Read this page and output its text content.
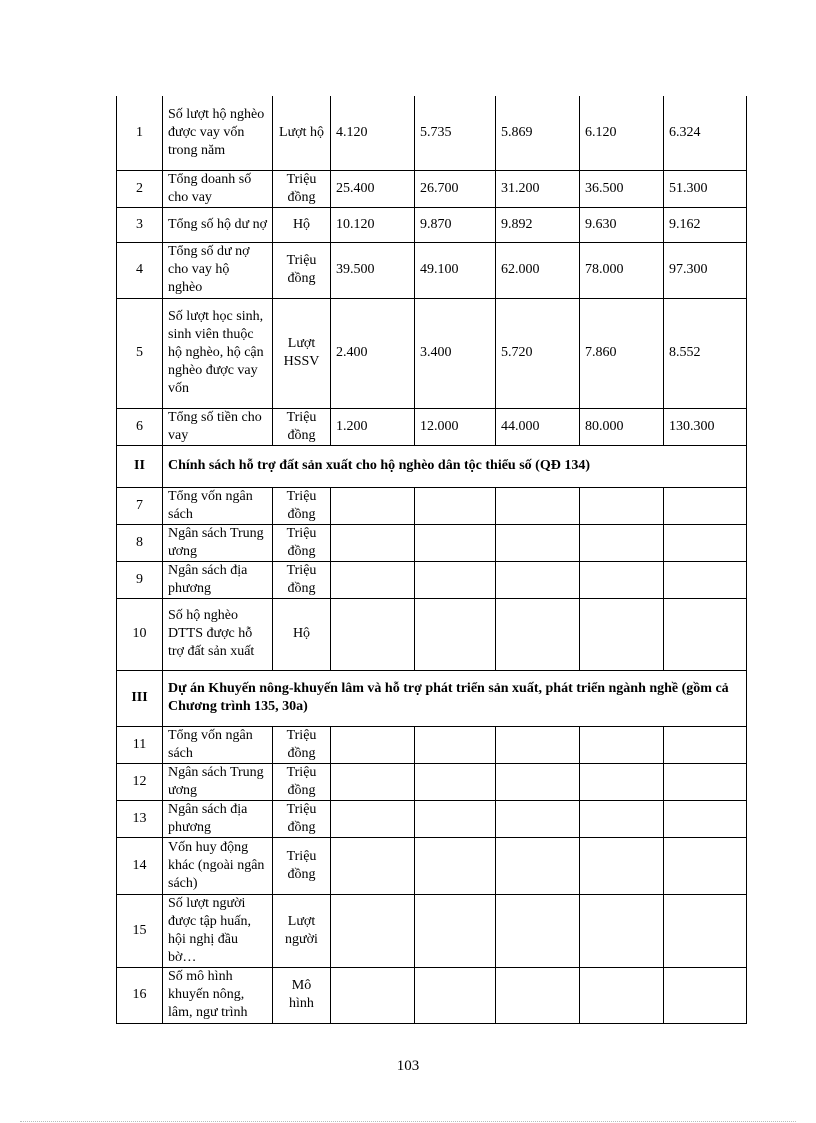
1	Số lượt hộ nghèo được vay vốn trong năm	Lượt hộ	4.120	5.735	5.869	6.120	6.324
2	Tổng doanh số cho vay	Triệu đồng	25.400	26.700	31.200	36.500	51.300
3	Tổng số hộ dư nợ	Hộ	10.120	9.870	9.892	9.630	9.162
4	Tổng số dư nợ cho vay hộ nghèo	Triệu đồng	39.500	49.100	62.000	78.000	97.300
5	Số lượt học sinh, sinh viên thuộc hộ nghèo, hộ cận nghèo được vay vốn	Lượt HSSV	2.400	3.400	5.720	7.860	8.552
6	Tổng số tiền cho vay	Triệu đồng	1.200	12.000	44.000	80.000	130.300
II	Chính sách hỗ trợ đất sản xuất cho hộ nghèo dân tộc thiểu số (QĐ 134)						
7	Tổng vốn ngân sách	Triệu đồng					
8	Ngân sách Trung ương	Triệu đồng					
9	Ngân sách địa phương	Triệu đồng					
10	Số hộ nghèo DTTS được hỗ trợ đất sản xuất	Hộ					
III	Dự án Khuyến nông-khuyến lâm và hỗ trợ phát triển sản xuất, phát triển ngành nghề (gồm cả Chương trình 135, 30a)						
11	Tổng vốn ngân sách	Triệu đồng					
12	Ngân sách Trung ương	Triệu đồng					
13	Ngân sách địa phương	Triệu đồng					
14	Vốn huy động khác (ngoài ngân sách)	Triệu đồng					
15	Số lượt người được tập huấn, hội nghị đầu bờ…	Lượt người					
16	Số mô hình khuyến nông, lâm, ngư trình	Mô hình					
103
